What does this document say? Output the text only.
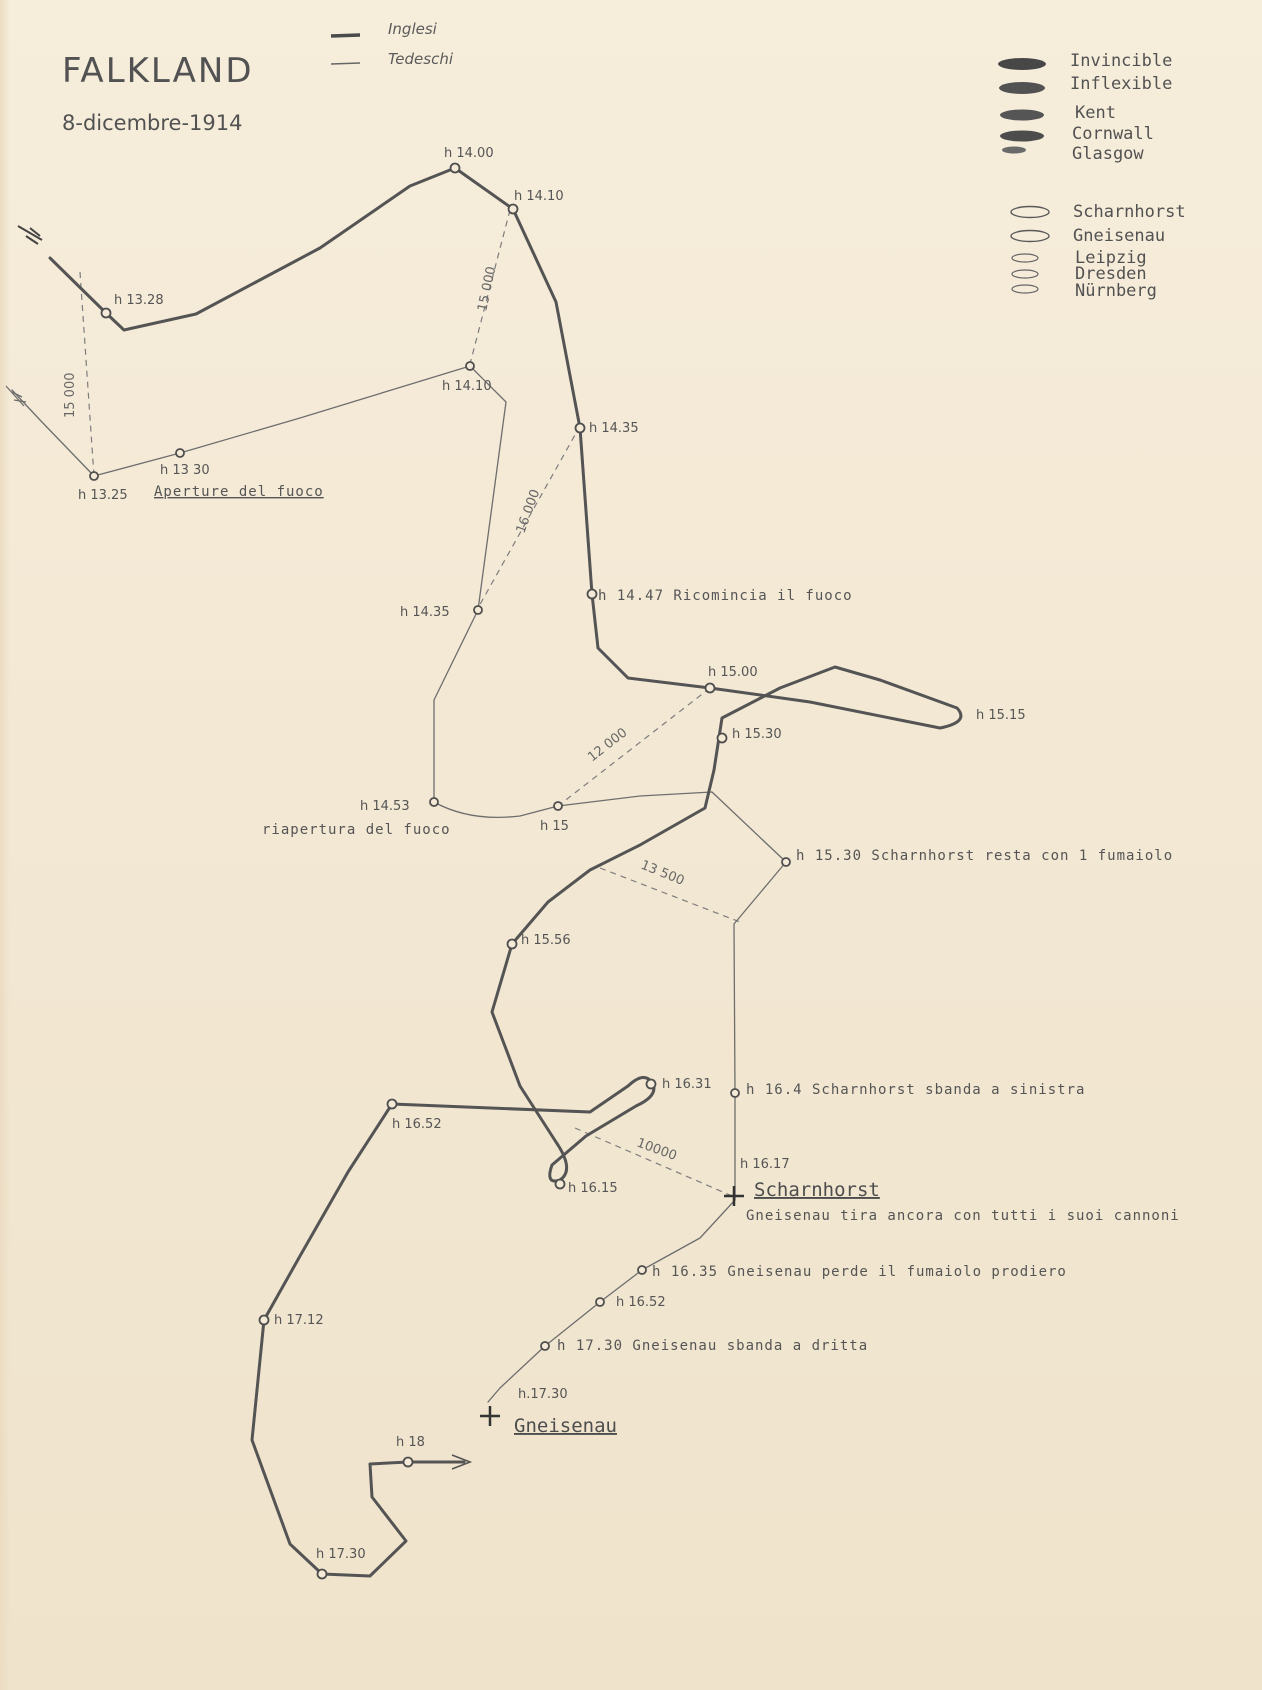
FALKLAND
8-dicembre-1914
Inglesi
Tedeschi	Invincible
Inflexible
Kent
Cornwall
Glasgow
Scharnhorst
Gneisenau
Leipzig
Dresden
Nürnberg
h 13.28
h 14.00
h 14.10
h 14.35
h 14.47 Ricomincia il fuoco
h 15.00
h 15.15
h 15.30
h 15.56
h 16.15
h 16.31
h 16.52
h 17.12
h 17.30
h 18
h 13.25
h 13 30
Aperture del fuoco
h 14.10
h 14.35
h 14.53
riapertura del fuoco	h 15
h 15.30 Scharnhorst resta con 1 fumaiolo
h 16.4 Scharnhorst sbanda a sinistra
h 16.17
h 16.35 Gneisenau perde il fumaiolo prodiero
h 16.52
h 17.30 Gneisenau sbanda a dritta
h.17.30
15 000
15 000
16 000
12 000
13 500
10000
Scharnhorst
Gneisenau tira ancora con tutti i suoi cannoni
Gneisenau
